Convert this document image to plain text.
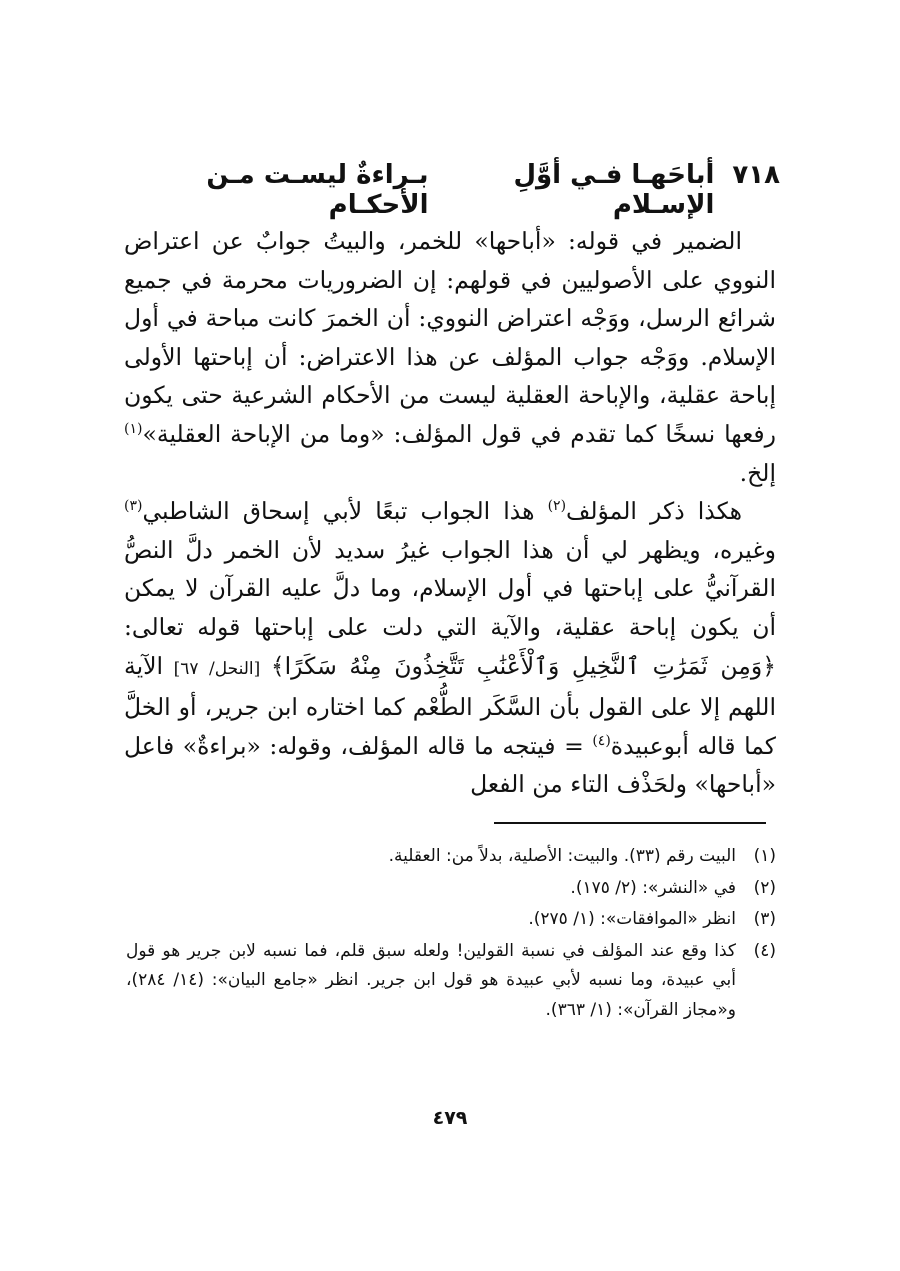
٧١٨
أباحَهـا فـي أوَّلِ الإسـلام
بـراءةٌ ليسـت مـن الأحكـام

الضمير في قوله: «أباحها» للخمر، والبيتُ جوابٌ عن اعتراض النووي على الأصوليين في قولهم: إن الضروريات محرمة في جميع شرائع الرسل، ووَجْه اعتراض النووي: أن الخمرَ كانت مباحة في أول الإسلام. ووَجْه جواب المؤلف عن هذا الاعتراض: أن إباحتها الأولى إباحة عقلية، والإباحة العقلية ليست من الأحكام الشرعية حتى يكون رفعها نسخًا كما تقدم في قول المؤلف: «وما من الإباحة العقلية»$^{(١)}$ إلخ.

هكذا ذكر المؤلف$^{(٢)}$ هذا الجواب تبعًا لأبي إسحاق الشاطبي$^{(٣)}$ وغيره، ويظهر لي أن هذا الجواب غيرُ سديد لأن الخمر دلَّ النصُّ القرآنيُّ على إباحتها في أول الإسلام، وما دلَّ عليه القرآن لا يمكن أن يكون إباحة عقلية، والآية التي دلت على إباحتها قوله تعالى: ﴿وَمِن ثَمَرَٰتِ ٱلنَّخِيلِ وَٱلْأَعْنَٰبِ تَتَّخِذُونَ مِنْهُ سَكَرًا﴾ [النحل/ ٦٧] الآية اللهم إلا على القول بأن السَّكَر الطُّعْم كما اختاره ابن جرير، أو الخلَّ كما قاله أبوعبيدة$^{(٤)}$ = فيتجه ما قاله المؤلف، وقوله: «براءةٌ» فاعل «أباحها» ولحَذْف التاء من الفعل

(١)
البيت رقم (٣٣). والبيت: الأصلية، بدلاً من: العقلية.
(٢)
في «النشر»: (٢/ ١٧٥).
(٣)
انظر «الموافقات»: (١/ ٢٧٥).
(٤)
كذا وقع عند المؤلف في نسبة القولين! ولعله سبق قلم، فما نسبه لابن جرير هو قول أبي عبيدة، وما نسبه لأبي عبيدة هو قول ابن جرير. انظر «جامع البيان»: (١٤/ ٢٨٤)، و«مجاز القرآن»: (١/ ٣٦٣).
٤٧٩
